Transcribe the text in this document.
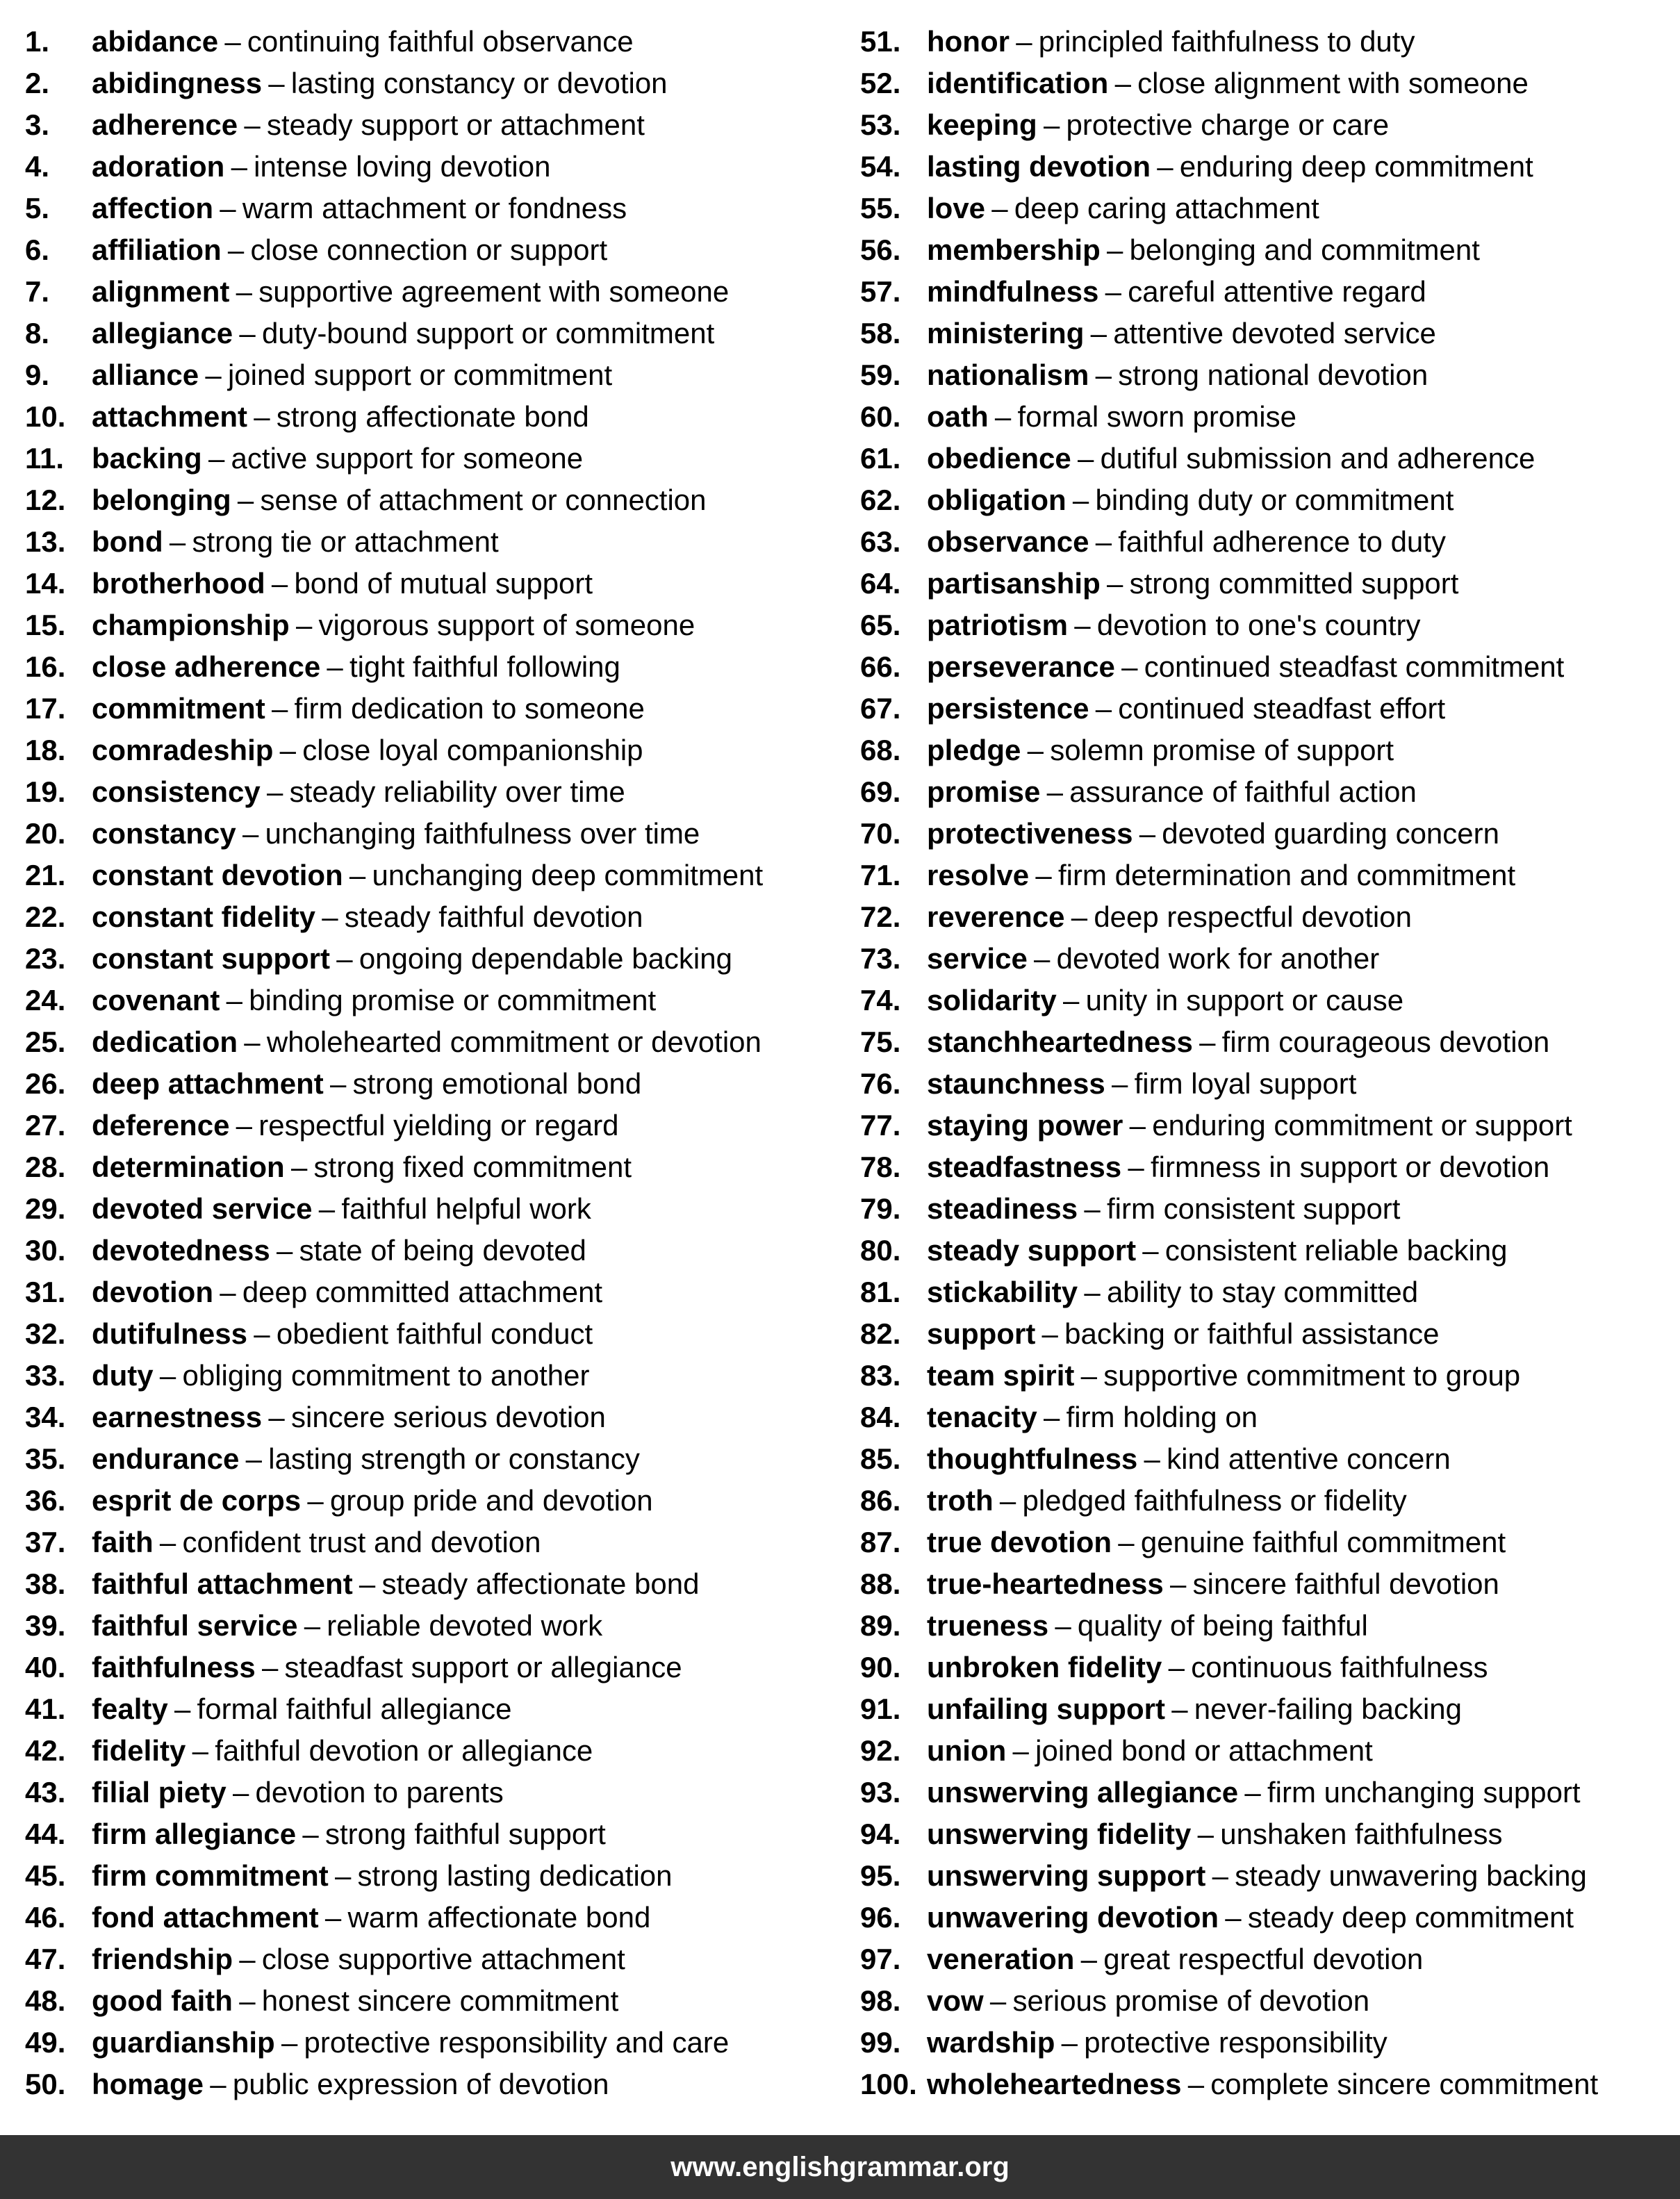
1.	abidance – continuing faithful observance
2.	abidingness – lasting constancy or devotion
3.	adherence – steady support or attachment
4.	adoration – intense loving devotion
5.	affection – warm attachment or fondness
6.	affiliation – close connection or support
7.	alignment – supportive agreement with someone
8.	allegiance – duty-bound support or commitment
9.	alliance – joined support or commitment
10. attachment – strong affectionate bond
11. backing – active support for someone
12. belonging – sense of attachment or connection
13. bond – strong tie or attachment
14. brotherhood – bond of mutual support
15. championship – vigorous support of someone
16. close adherence – tight faithful following
17. commitment – firm dedication to someone
18. comradeship – close loyal companionship
19. consistency – steady reliability over time
20. constancy – unchanging faithfulness over time
21. constant devotion – unchanging deep commitment
22. constant fidelity – steady faithful devotion
23. constant support – ongoing dependable backing
24. covenant – binding promise or commitment
25. dedication – wholehearted commitment or devotion
26. deep attachment – strong emotional bond
27. deference – respectful yielding or regard
28. determination – strong fixed commitment
29. devoted service – faithful helpful work
30. devotedness – state of being devoted
31. devotion – deep committed attachment
32. dutifulness – obedient faithful conduct
33. duty – obliging commitment to another
34. earnestness – sincere serious devotion
35. endurance – lasting strength or constancy
36. esprit de corps – group pride and devotion
37. faith – confident trust and devotion
38. faithful attachment – steady affectionate bond
39. faithful service – reliable devoted work
40. faithfulness – steadfast support or allegiance
41. fealty – formal faithful allegiance
42. fidelity – faithful devotion or allegiance
43. filial piety – devotion to parents
44. firm allegiance – strong faithful support
45. firm commitment – strong lasting dedication
46. fond attachment – warm affectionate bond
47. friendship – close supportive attachment
48. good faith – honest sincere commitment
49. guardianship – protective responsibility and care
50. homage – public expression of devotion
51. honor – principled faithfulness to duty
52. identification – close alignment with someone
53. keeping – protective charge or care
54. lasting devotion – enduring deep commitment
55. love – deep caring attachment
56. membership – belonging and commitment
57. mindfulness – careful attentive regard
58. ministering – attentive devoted service
59. nationalism – strong national devotion
60. oath – formal sworn promise
61. obedience – dutiful submission and adherence
62. obligation – binding duty or commitment
63. observance – faithful adherence to duty
64. partisanship – strong committed support
65. patriotism – devotion to one's country
66. perseverance – continued steadfast commitment
67. persistence – continued steadfast effort
68. pledge – solemn promise of support
69. promise – assurance of faithful action
70. protectiveness – devoted guarding concern
71. resolve – firm determination and commitment
72. reverence – deep respectful devotion
73. service – devoted work for another
74. solidarity – unity in support or cause
75. stanchheartedness – firm courageous devotion
76. staunchness – firm loyal support
77. staying power – enduring commitment or support
78. steadfastness – firmness in support or devotion
79. steadiness – firm consistent support
80. steady support – consistent reliable backing
81. stickability – ability to stay committed
82. support – backing or faithful assistance
83. team spirit – supportive commitment to group
84. tenacity – firm holding on
85. thoughtfulness – kind attentive concern
86. troth – pledged faithfulness or fidelity
87. true devotion – genuine faithful commitment
88. true-heartedness – sincere faithful devotion
89. trueness – quality of being faithful
90. unbroken fidelity – continuous faithfulness
91. unfailing support – never-failing backing
92. union – joined bond or attachment
93. unswerving allegiance – firm unchanging support
94. unswerving fidelity – unshaken faithfulness
95. unswerving support – steady unwavering backing
96. unwavering devotion – steady deep commitment
97. veneration – great respectful devotion
98. vow – serious promise of devotion
99. wardship – protective responsibility
100. wholeheartedness – complete sincere commitment
www.englishgrammar.org
